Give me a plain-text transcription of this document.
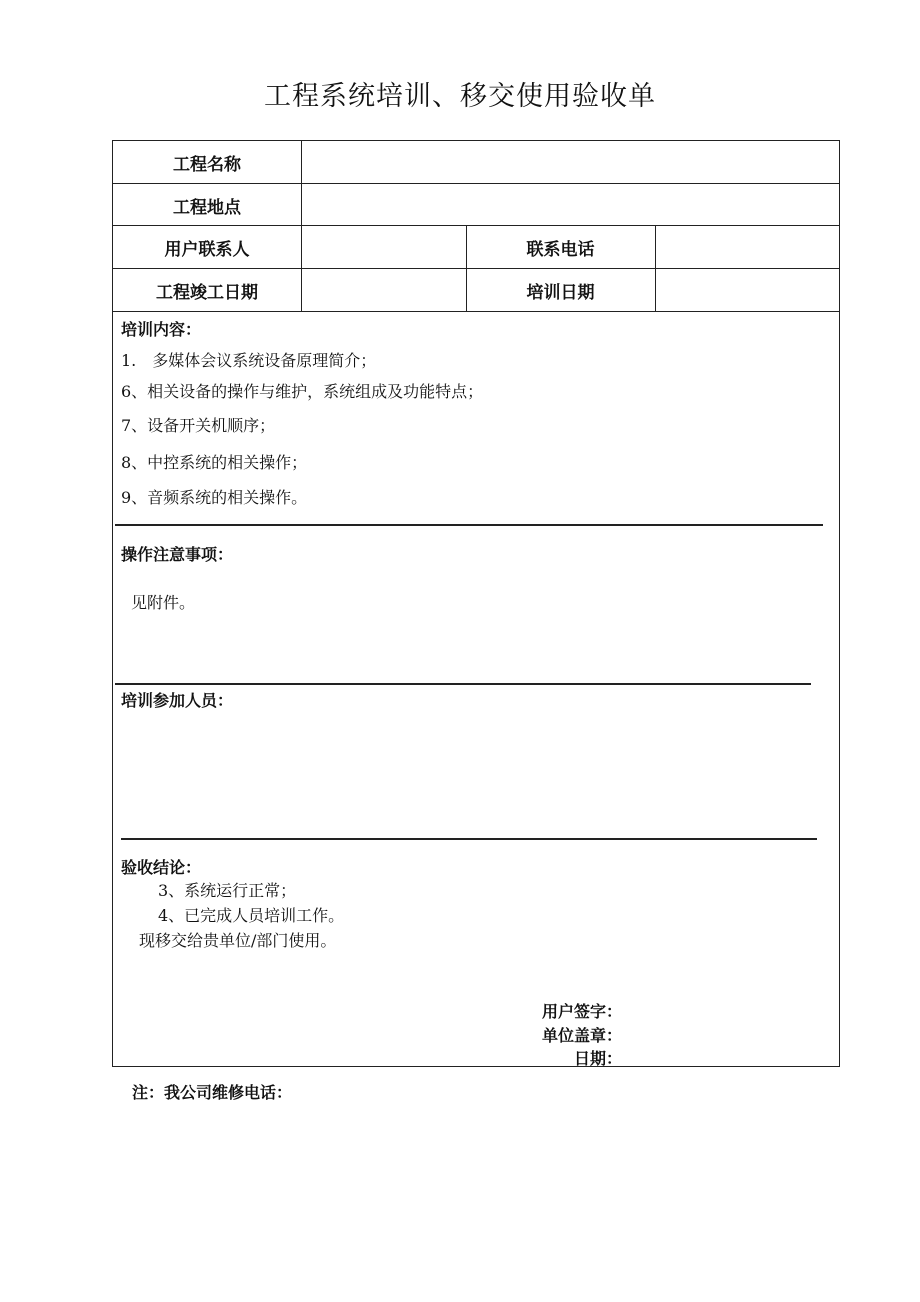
工程系统培训、移交使用验收单
工程名称
工程地点
用户联系人	联系电话
工程竣工日期	培训日期
培训内容：
1.　多媒体会议系统设备原理简介；
6、相关设备的操作与维护，系统组成及功能特点；
7、设备开关机顺序；
8、中控系统的相关操作；
9、音频系统的相关操作。
操作注意事项：
见附件。
培训参加人员：
验收结论：
3、系统运行正常；
4、已完成人员培训工作。
现移交给贵单位/部门使用。
用户签字：
单位盖章：
日期：
注：我公司维修电话：
